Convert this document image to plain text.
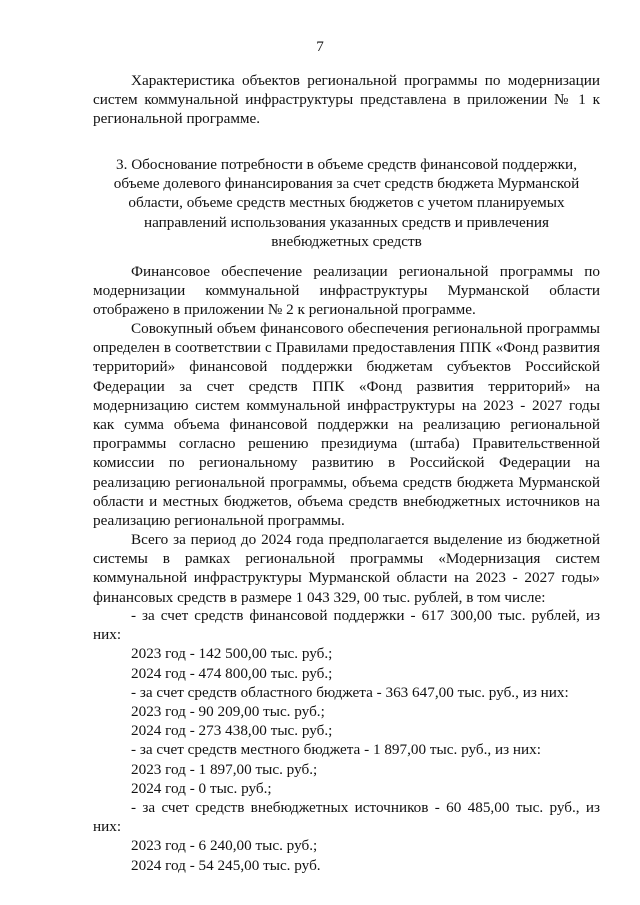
7
Характеристика объектов региональной программы по модернизации
систем коммунальной инфраструктуры представлена в приложении № 1 к
региональной программе.
3. Обоснование потребности в объеме средств финансовой поддержки,
объеме долевого финансирования за счет средств бюджета Мурманской
области, объеме средств местных бюджетов с учетом планируемых
направлений использования указанных средств и привлечения
внебюджетных средств
Финансовое обеспечение реализации региональной программы по
модернизации коммунальной инфраструктуры Мурманской области
отображено в приложении № 2 к региональной программе.
Совокупный объем финансового обеспечения региональной программы
определен в соответствии с Правилами предоставления ППК «Фонд развития
территорий» финансовой поддержки бюджетам субъектов Российской
Федерации за счет средств ППК «Фонд развития территорий» на
модернизацию систем коммунальной инфраструктуры на 2023 - 2027 годы
как сумма объема финансовой поддержки на реализацию региональной
программы согласно решению президиума (штаба) Правительственной
комиссии по региональному развитию в Российской Федерации на
реализацию региональной программы, объема средств бюджета Мурманской
области и местных бюджетов, объема средств внебюджетных источников на
реализацию региональной программы.
Всего за период до 2024 года предполагается выделение из бюджетной
системы в рамках региональной программы «Модернизация систем
коммунальной инфраструктуры Мурманской области на 2023 - 2027 годы»
финансовых средств в размере 1 043 329, 00 тыс. рублей, в том числе:
- за счет средств финансовой поддержки - 617 300,00 тыс. рублей, из
них:
2023 год - 142 500,00 тыс. руб.;
2024 год - 474 800,00 тыс. руб.;
- за счет средств областного бюджета - 363 647,00 тыс. руб., из них:
2023 год - 90 209,00 тыс. руб.;
2024 год - 273 438,00 тыс. руб.;
- за счет средств местного бюджета - 1 897,00 тыс. руб., из них:
2023 год - 1 897,00 тыс. руб.;
2024 год - 0 тыс. руб.;
- за счет средств внебюджетных источников - 60 485,00 тыс. руб., из
них:
2023 год - 6 240,00 тыс. руб.;
2024 год - 54 245,00 тыс. руб.
